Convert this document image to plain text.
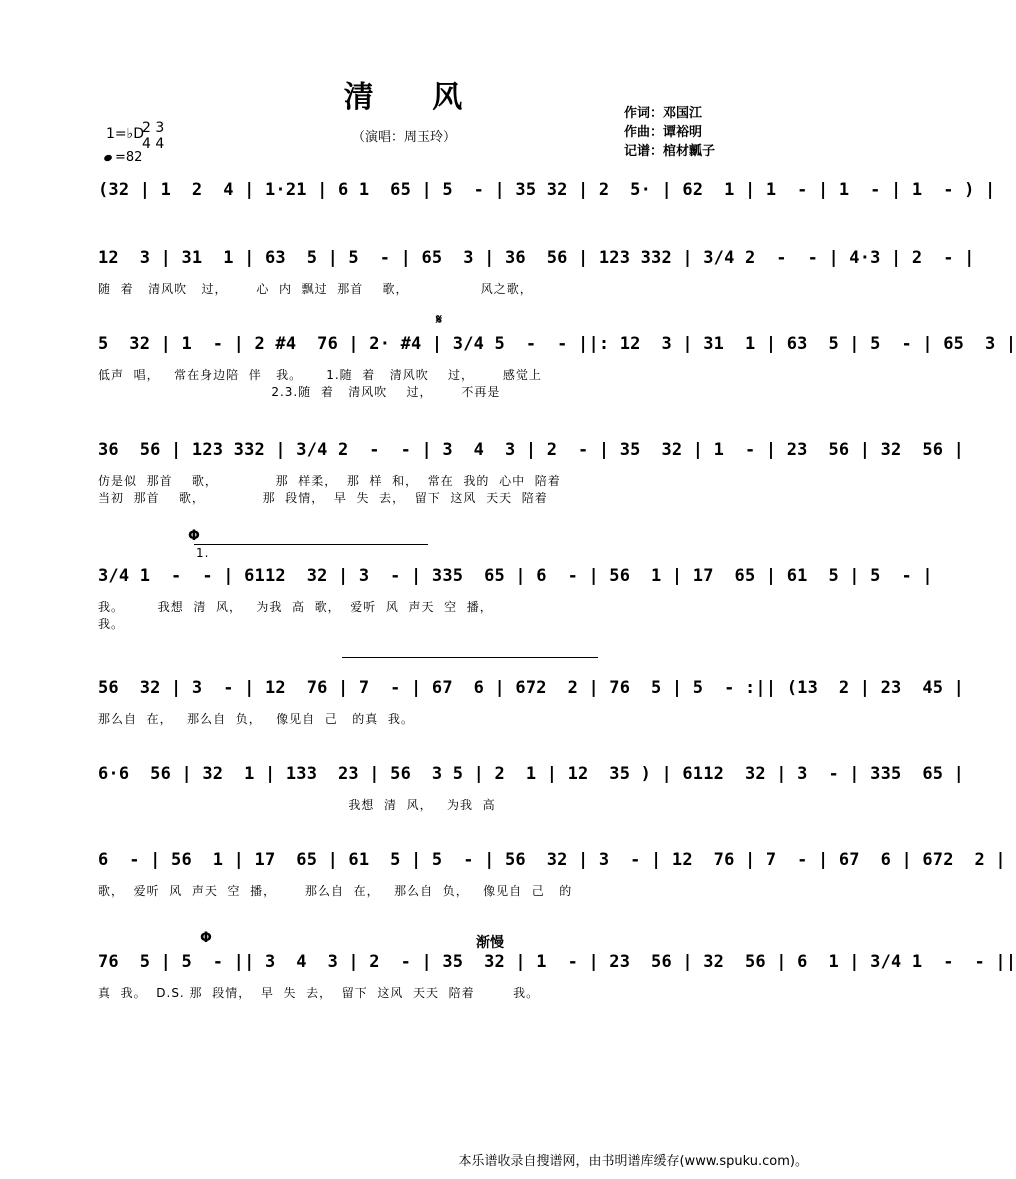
清 风
1=♭D
2 3
4 4
=82
（演唱：周玉玲）
作词：邓国江
作曲：谭裕明
记谱：棺材瓤子
(32 | 1  2  4 | 1·21 | 6 1  65 | 5  - | 35 32 | 2  5· | 62  1 | 1  - | 1  - | 1  - ) |
12  3 | 31  1 | 63  5 | 5  - | 65  3 | 36  56 | 123 332 | 3/4 2  -  - | 4·3 | 2  - |
随  着   清风吹   过，      心  内  飘过  那首    歌，               风之歌，
𝄋
5  32 | 1  - | 2 #4  76 | 2· #4 | 3/4 5  -  - ||: 12  3 | 31  1 | 63  5 | 5  - | 65  3 |
低声  唱，   常在身边陪  伴   我。     1.随  着   清风吹    过，      感觉上
2.3.随  着   清风吹    过，      不再是
36  56 | 123 332 | 3/4 2  -  - | 3  4  3 | 2  - | 35  32 | 1  - | 23  56 | 32  56 |
仿是似  那首    歌，            那  样柔，  那  样  和，  常在  我的  心中  陪着
当初  那首    歌，            那  段情，  早  失  去，  留下  这风  天天  陪着
Φ
1.
3/4 1  -  - | 6112  32 | 3  - | 335  65 | 6  - | 56  1 | 17  65 | 61  5 | 5  - |
我。       我想  清  风，   为我  高  歌，  爱听  风  声天  空  播，
我。
56  32 | 3  - | 12  76 | 7  - | 67  6 | 672  2 | 76  5 | 5  - :|| (13  2 | 23  45 |
那么自  在，   那么自  负，   像见自  己   的真  我。
6·6  56 | 32  1 | 133  23 | 56  3 5 | 2  1 | 12  35 ) | 6112  32 | 3  - | 335  65 |
我想  清  风，   为我  高
6  - | 56  1 | 17  65 | 61  5 | 5  - | 56  32 | 3  - | 12  76 | 7  - | 67  6 | 672  2 |
歌，  爱听  风  声天  空  播，      那么自  在，   那么自  负，   像见自  己   的
Φ	渐慢
76  5 | 5  - || 3  4  3 | 2  - | 35  32 | 1  - | 23  56 | 32  56 | 6  1 | 3/4 1  -  - ||
真  我。  D.S. 那  段情，  早  失  去，  留下  这风  天天  陪着        我。
本乐谱收录自搜谱网，由书明谱库缓存(www.spuku.com)。
